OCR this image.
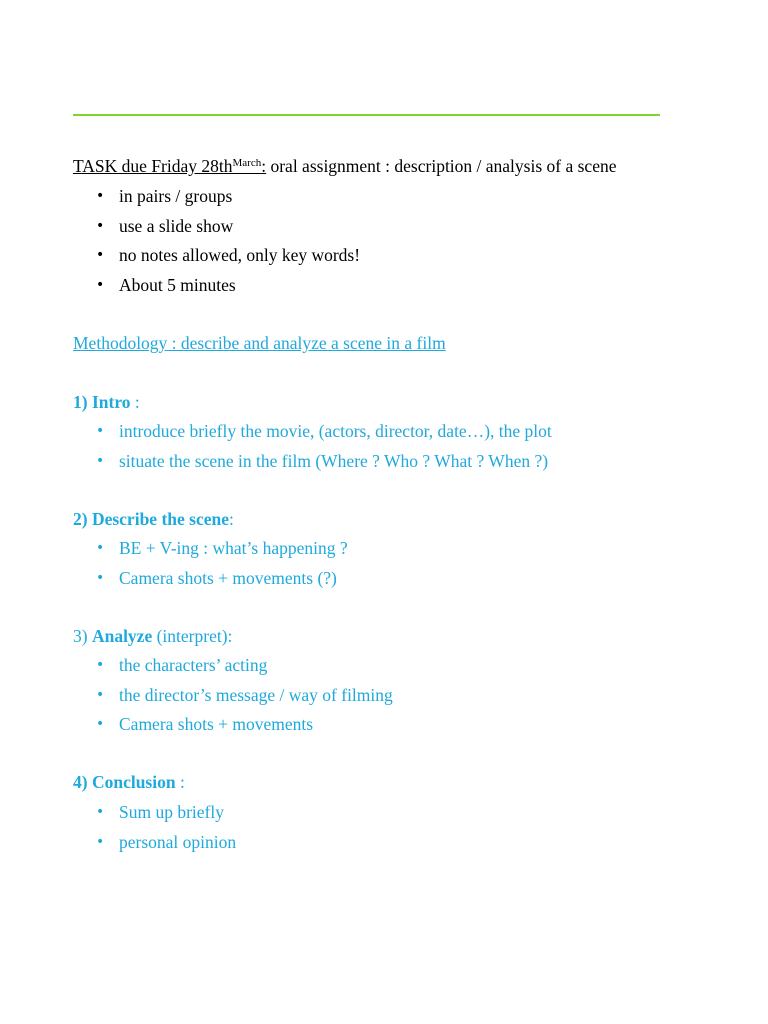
TASK due Friday $28th^{March}$: oral assignment : description / analysis of a scene
• in pairs / groups
• use a slide show
• no notes allowed, only key words!
• About 5 minutes
Methodology : describe and analyze a scene in a film
1) Intro :
• introduce briefly the movie, (actors, director, date…), the plot
• situate the scene in the film (Where ? Who ? What ? When ?)
2) Describe the scene:
• BE + V-ing : what’s happening ?
• Camera shots + movements (?)
3) Analyze (interpret):
• the characters’ acting
• the director’s message / way of filming
• Camera shots + movements
4) Conclusion :
• Sum up briefly
• personal opinion
